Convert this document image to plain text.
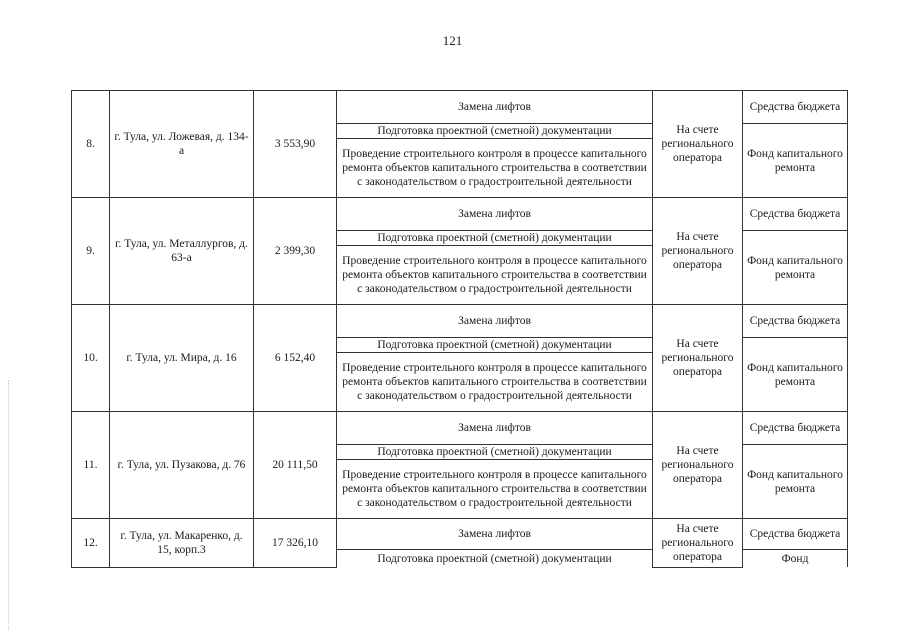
121
8.	г. Тула, ул. Ложевая, д. 134-а	3 553,90	Замена лифтов	На счете регионального оператора	Средства бюджета
			Подготовка проектной (сметной) документации		Фонд капитального ремонта
			Проведение строительного контроля в процессе капитального ремонта объектов капитального строительства в соответствии с законодательством о градостроительной деятельности		
9.	г. Тула, ул. Металлургов, д. 63-а	2 399,30	Замена лифтов	На счете регионального оператора	Средства бюджета
			Подготовка проектной (сметной) документации		Фонд капитального ремонта
			Проведение строительного контроля в процессе капитального ремонта объектов капитального строительства в соответствии с законодательством о градостроительной деятельности		
10.	г. Тула, ул. Мира, д. 16	6 152,40	Замена лифтов	На счете регионального оператора	Средства бюджета
			Подготовка проектной (сметной) документации		Фонд капитального ремонта
			Проведение строительного контроля в процессе капитального ремонта объектов капитального строительства в соответствии с законодательством о градостроительной деятельности		
11.	г. Тула, ул. Пузакова, д. 76	20 111,50	Замена лифтов	На счете регионального оператора	Средства бюджета
			Подготовка проектной (сметной) документации		Фонд капитального ремонта
			Проведение строительного контроля в процессе капитального ремонта объектов капитального строительства в соответствии с законодательством о градостроительной деятельности		
12.	г. Тула, ул. Макаренко, д. 15, корп.3	17 326,10	Замена лифтов	На счете регионального оператора	Средства бюджета
			Подготовка проектной (сметной) документации		Фонд
